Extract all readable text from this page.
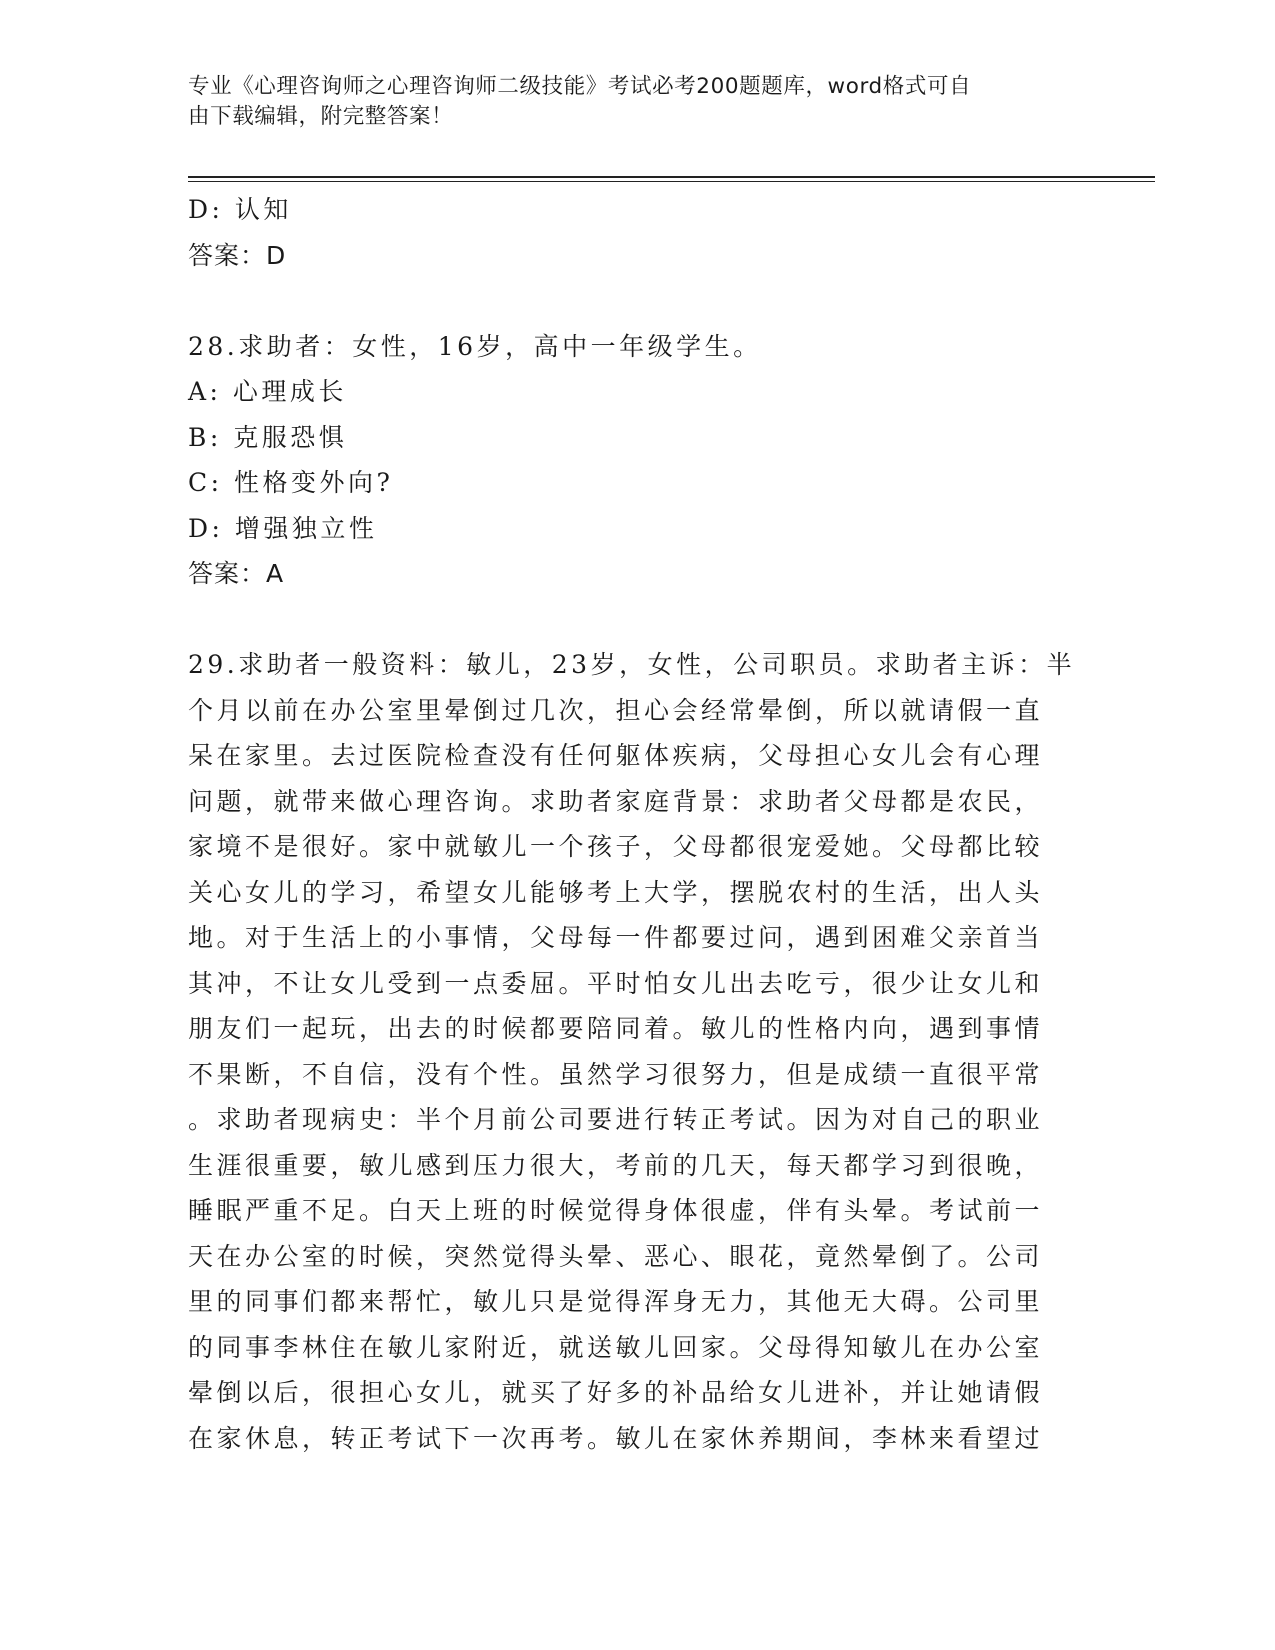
专业《心理咨询师之心理咨询师二级技能》考试必考200题题库，word格式可自
由下载编辑，附完整答案！
D: 认知
答案：D
28.求助者：女性，16岁，高中一年级学生。
A: 心理成长
B: 克服恐惧
C: 性格变外向?
D: 增强独立性
答案：A
29.求助者一般资料：敏儿，23岁，女性，公司职员。求助者主诉：半
个月以前在办公室里晕倒过几次，担心会经常晕倒，所以就请假一直
呆在家里。去过医院检查没有任何躯体疾病，父母担心女儿会有心理
问题，就带来做心理咨询。求助者家庭背景：求助者父母都是农民，
家境不是很好。家中就敏儿一个孩子，父母都很宠爱她。父母都比较
关心女儿的学习，希望女儿能够考上大学，摆脱农村的生活，出人头
地。对于生活上的小事情，父母每一件都要过问，遇到困难父亲首当
其冲，不让女儿受到一点委屈。平时怕女儿出去吃亏，很少让女儿和
朋友们一起玩，出去的时候都要陪同着。敏儿的性格内向，遇到事情
不果断，不自信，没有个性。虽然学习很努力，但是成绩一直很平常
。求助者现病史：半个月前公司要进行转正考试。因为对自己的职业
生涯很重要，敏儿感到压力很大，考前的几天，每天都学习到很晚，
睡眠严重不足。白天上班的时候觉得身体很虚，伴有头晕。考试前一
天在办公室的时候，突然觉得头晕、恶心、眼花，竟然晕倒了。公司
里的同事们都来帮忙，敏儿只是觉得浑身无力，其他无大碍。公司里
的同事李林住在敏儿家附近，就送敏儿回家。父母得知敏儿在办公室
晕倒以后，很担心女儿，就买了好多的补品给女儿进补，并让她请假
在家休息，转正考试下一次再考。敏儿在家休养期间，李林来看望过
